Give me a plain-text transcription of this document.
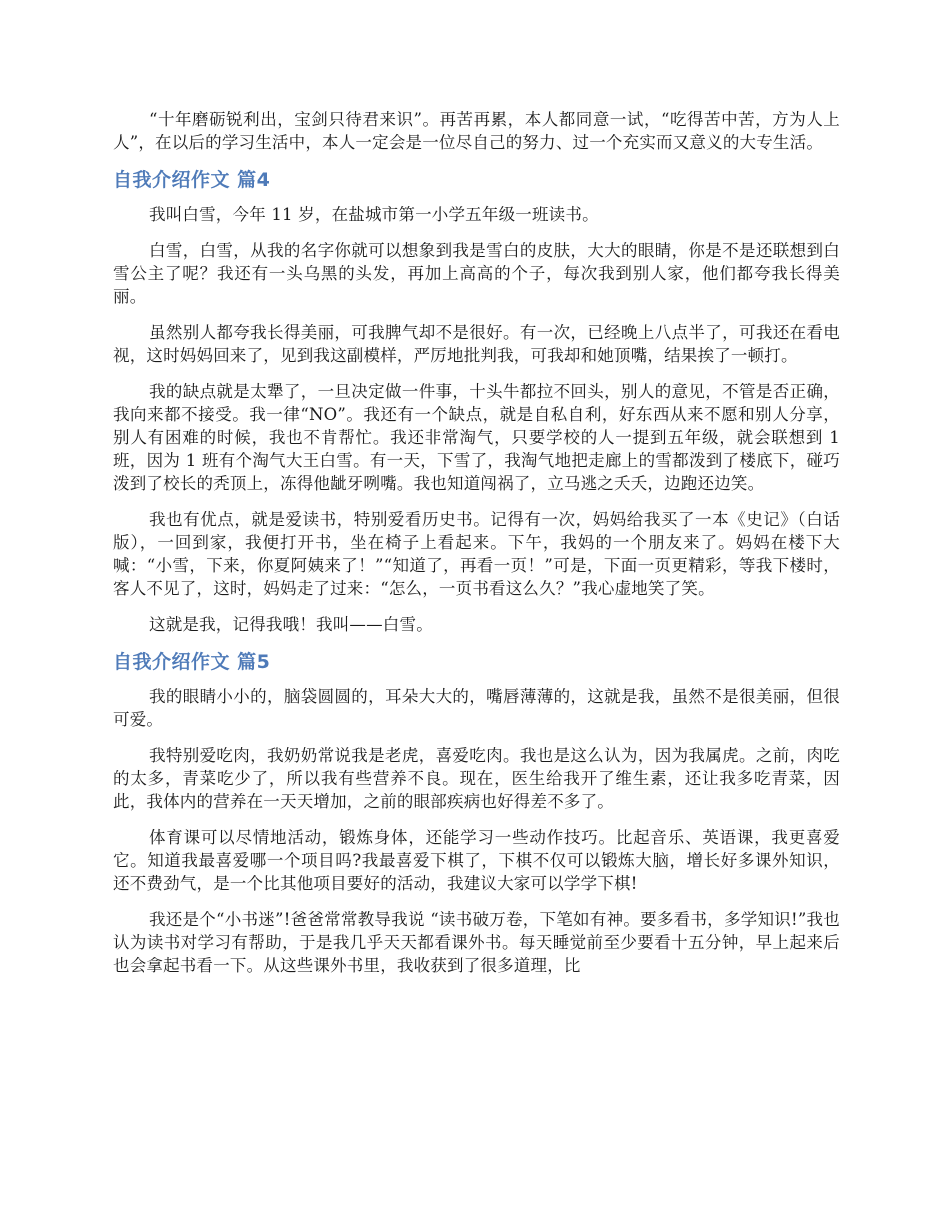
“十年磨砺锐利出，宝剑只待君来识”。再苦再累，本人都同意一试，“吃得苦中苦，方为人上人”，在以后的学习生活中，本人一定会是一位尽自己的努力、过一个充实而又意义的大专生活。

自我介绍作文 篇4

我叫白雪，今年 11 岁，在盐城市第一小学五年级一班读书。

白雪，白雪，从我的名字你就可以想象到我是雪白的皮肤，大大的眼睛，你是不是还联想到白雪公主了呢？我还有一头乌黑的头发，再加上高高的个子，每次我到别人家，他们都夸我长得美丽。

虽然别人都夸我长得美丽，可我脾气却不是很好。有一次，已经晚上八点半了，可我还在看电视，这时妈妈回来了，见到我这副模样，严厉地批判我，可我却和她顶嘴，结果挨了一顿打。

我的缺点就是太犟了，一旦决定做一件事，十头牛都拉不回头，别人的意见，不管是否正确，我向来都不接受。我一律“NO”。我还有一个缺点，就是自私自利，好东西从来不愿和别人分享，别人有困难的时候，我也不肯帮忙。我还非常淘气，只要学校的人一提到五年级，就会联想到 1 班，因为 1 班有个淘气大王白雪。有一天，下雪了，我淘气地把走廊上的雪都泼到了楼底下，碰巧泼到了校长的秃顶上，冻得他龇牙咧嘴。我也知道闯祸了，立马逃之夭夭，边跑还边笑。

我也有优点，就是爱读书，特别爱看历史书。记得有一次，妈妈给我买了一本《史记》（白话版），一回到家，我便打开书，坐在椅子上看起来。下午，我妈的一个朋友来了。妈妈在楼下大喊：“小雪，下来，你夏阿姨来了！”“知道了，再看一页！”可是，下面一页更精彩，等我下楼时，客人不见了，这时，妈妈走了过来：“怎么，一页书看这么久？”我心虚地笑了笑。

这就是我，记得我哦！我叫——白雪。

自我介绍作文 篇5

我的眼睛小小的，脑袋圆圆的，耳朵大大的，嘴唇薄薄的，这就是我，虽然不是很美丽，但很可爱。

我特别爱吃肉，我奶奶常说我是老虎，喜爱吃肉。我也是这么认为，因为我属虎。之前，肉吃的太多，青菜吃少了，所以我有些营养不良。现在，医生给我开了维生素，还让我多吃青菜，因此，我体内的营养在一天天增加，之前的眼部疾病也好得差不多了。

体育课可以尽情地活动，锻炼身体，还能学习一些动作技巧。比起音乐、英语课，我更喜爱它。知道我最喜爱哪一个项目吗?我最喜爱下棋了，下棋不仅可以锻炼大脑，增长好多课外知识，还不费劲气，是一个比其他项目要好的活动，我建议大家可以学学下棋!

我还是个“小书迷”!爸爸常常教导我说 “读书破万卷，下笔如有神。要多看书，多学知识!”我也认为读书对学习有帮助，于是我几乎天天都看课外书。每天睡觉前至少要看十五分钟，早上起来后也会拿起书看一下。从这些课外书里，我收获到了很多道理，比
